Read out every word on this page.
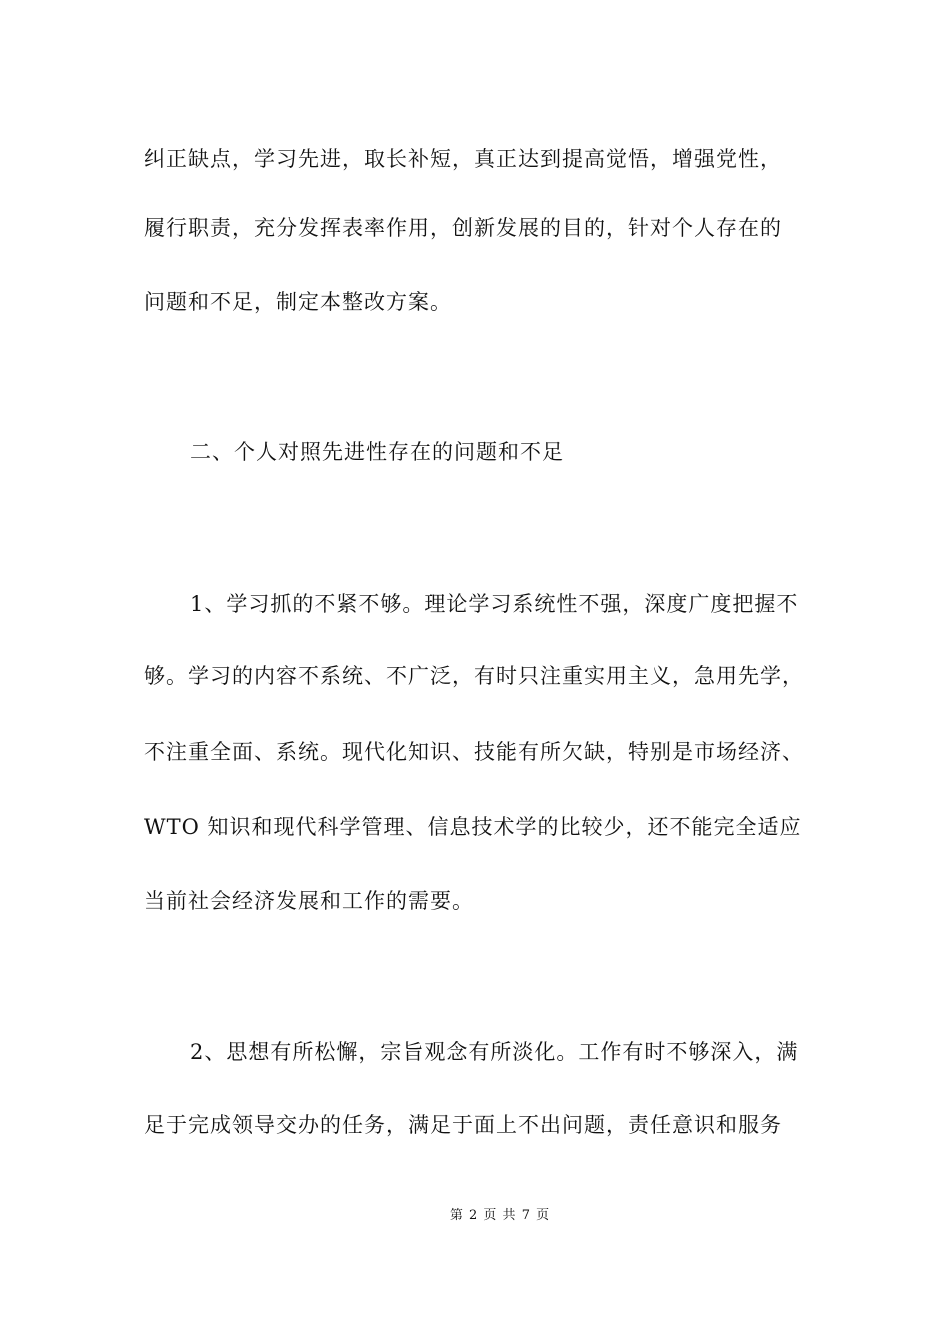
纠正缺点，学习先进，取长补短，真正达到提高觉悟，增强党性，
履行职责，充分发挥表率作用，创新发展的目的，针对个人存在的
问题和不足，制定本整改方案。
二、个人对照先进性存在的问题和不足
1、学习抓的不紧不够。理论学习系统性不强，深度广度把握不
够。学习的内容不系统、不广泛，有时只注重实用主义，急用先学，
不注重全面、系统。现代化知识、技能有所欠缺，特别是市场经济、
WTO 知识和现代科学管理、信息技术学的比较少，还不能完全适应
当前社会经济发展和工作的需要。
2、思想有所松懈，宗旨观念有所淡化。工作有时不够深入，满
足于完成领导交办的任务，满足于面上不出问题，责任意识和服务
第 2 页 共 7 页
